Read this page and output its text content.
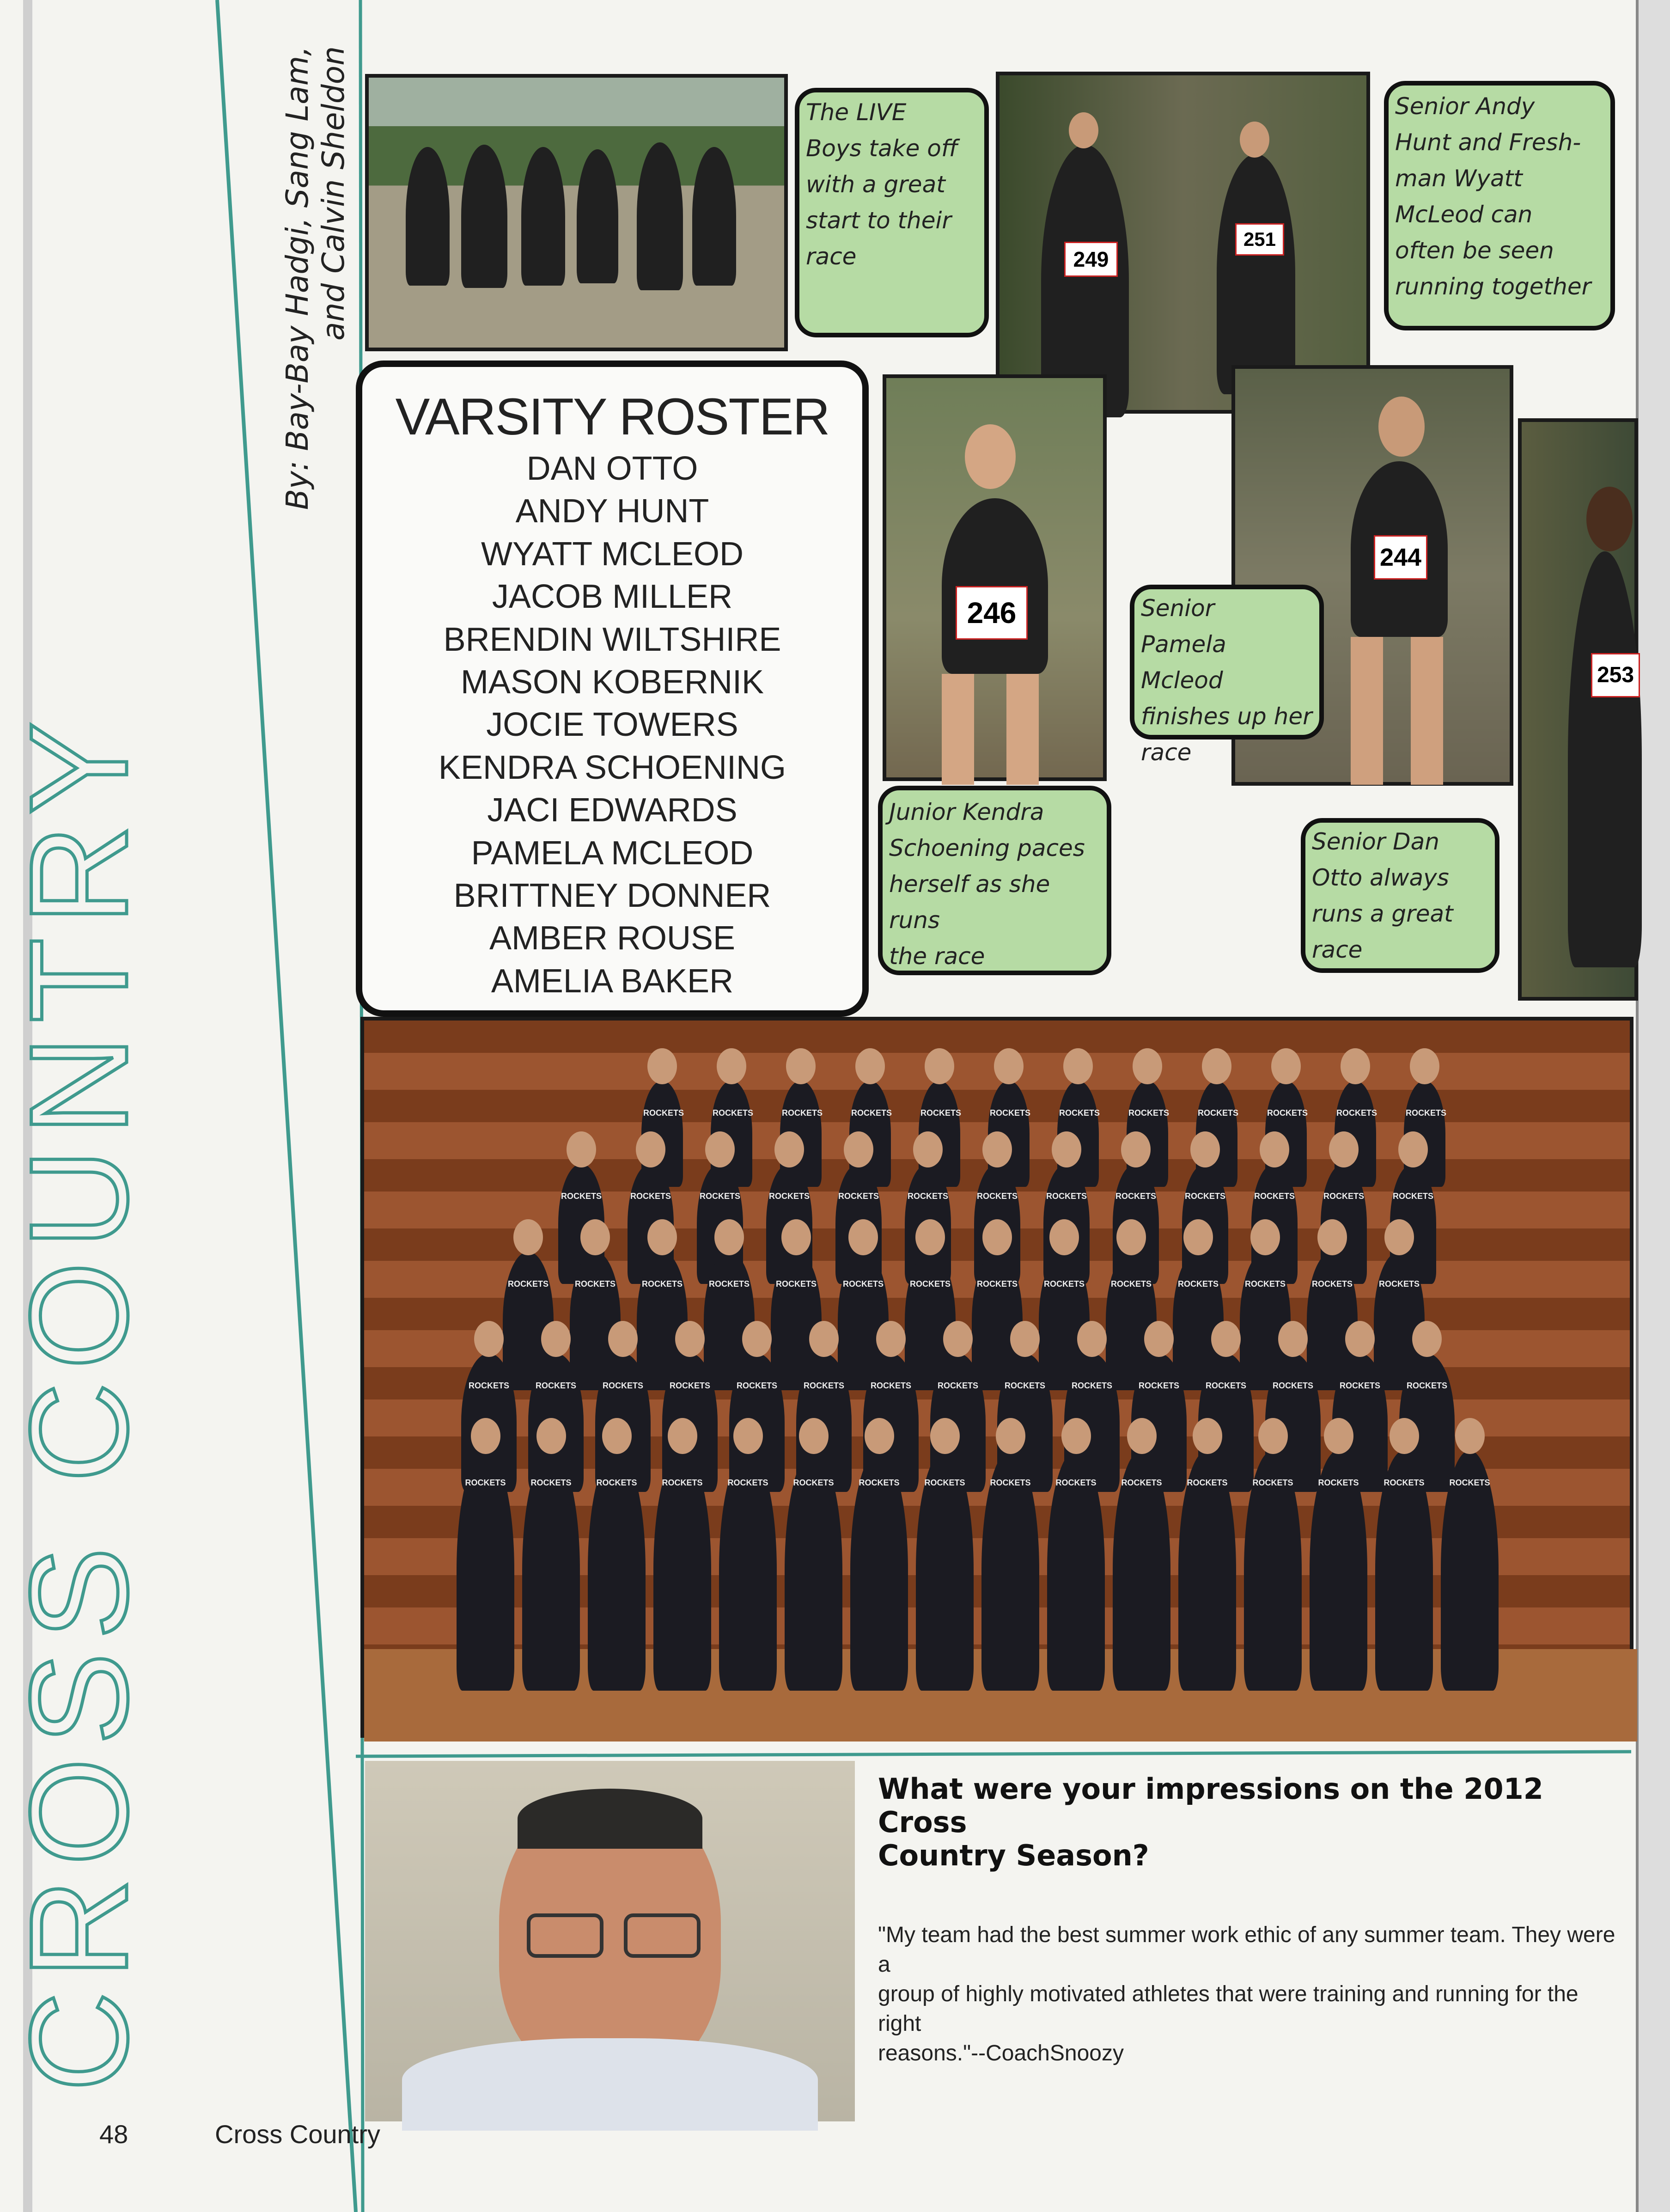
CROSS COUNTRY
By: Bay-Bay Hadgi, Sang Lam, and Calvin Sheldon	The LIVE
Boys take off
with a great
start to their
race	249
251
Senior Andy
Hunt and Fresh-
man Wyatt
McLeod can
often be seen
running together
VARSITY ROSTER
DAN OTTO
ANDY HUNT
WYATT MCLEOD
JACOB MILLER
BRENDIN WILTSHIRE
MASON KOBERNIK
JOCIE TOWERS
KENDRA SCHOENING
JACI EDWARDS
PAMELA MCLEOD
BRITTNEY DONNER
AMBER ROUSE
AMELIA BAKER
246
244
Senior
Pamela Mcleod
finishes up her
race
253
Junior Kendra
Schoening paces
herself as she runs
the race
Senior Dan
Otto always
runs a great
race
ROCKETS	ROCKETS	ROCKETS	ROCKETS	ROCKETS	ROCKETS	ROCKETS	ROCKETS	ROCKETS	ROCKETS	ROCKETS	ROCKETS
ROCKETS	ROCKETS	ROCKETS	ROCKETS	ROCKETS	ROCKETS	ROCKETS	ROCKETS	ROCKETS	ROCKETS	ROCKETS	ROCKETS	ROCKETS
ROCKETS	ROCKETS	ROCKETS	ROCKETS	ROCKETS	ROCKETS	ROCKETS	ROCKETS	ROCKETS	ROCKETS	ROCKETS	ROCKETS	ROCKETS	ROCKETS
ROCKETS	ROCKETS	ROCKETS	ROCKETS	ROCKETS	ROCKETS	ROCKETS	ROCKETS	ROCKETS	ROCKETS	ROCKETS	ROCKETS	ROCKETS	ROCKETS	ROCKETS
ROCKETS	ROCKETS	ROCKETS	ROCKETS	ROCKETS	ROCKETS	ROCKETS	ROCKETS	ROCKETS	ROCKETS	ROCKETS	ROCKETS	ROCKETS	ROCKETS	ROCKETS	ROCKETS
What were your impressions on the 2012 Cross
Country Season?
"My team had the best summer work ethic of any summer team. They were a
group of highly motivated athletes that were training and running for the right
reasons."--CoachSnoozy
48	Cross Country
